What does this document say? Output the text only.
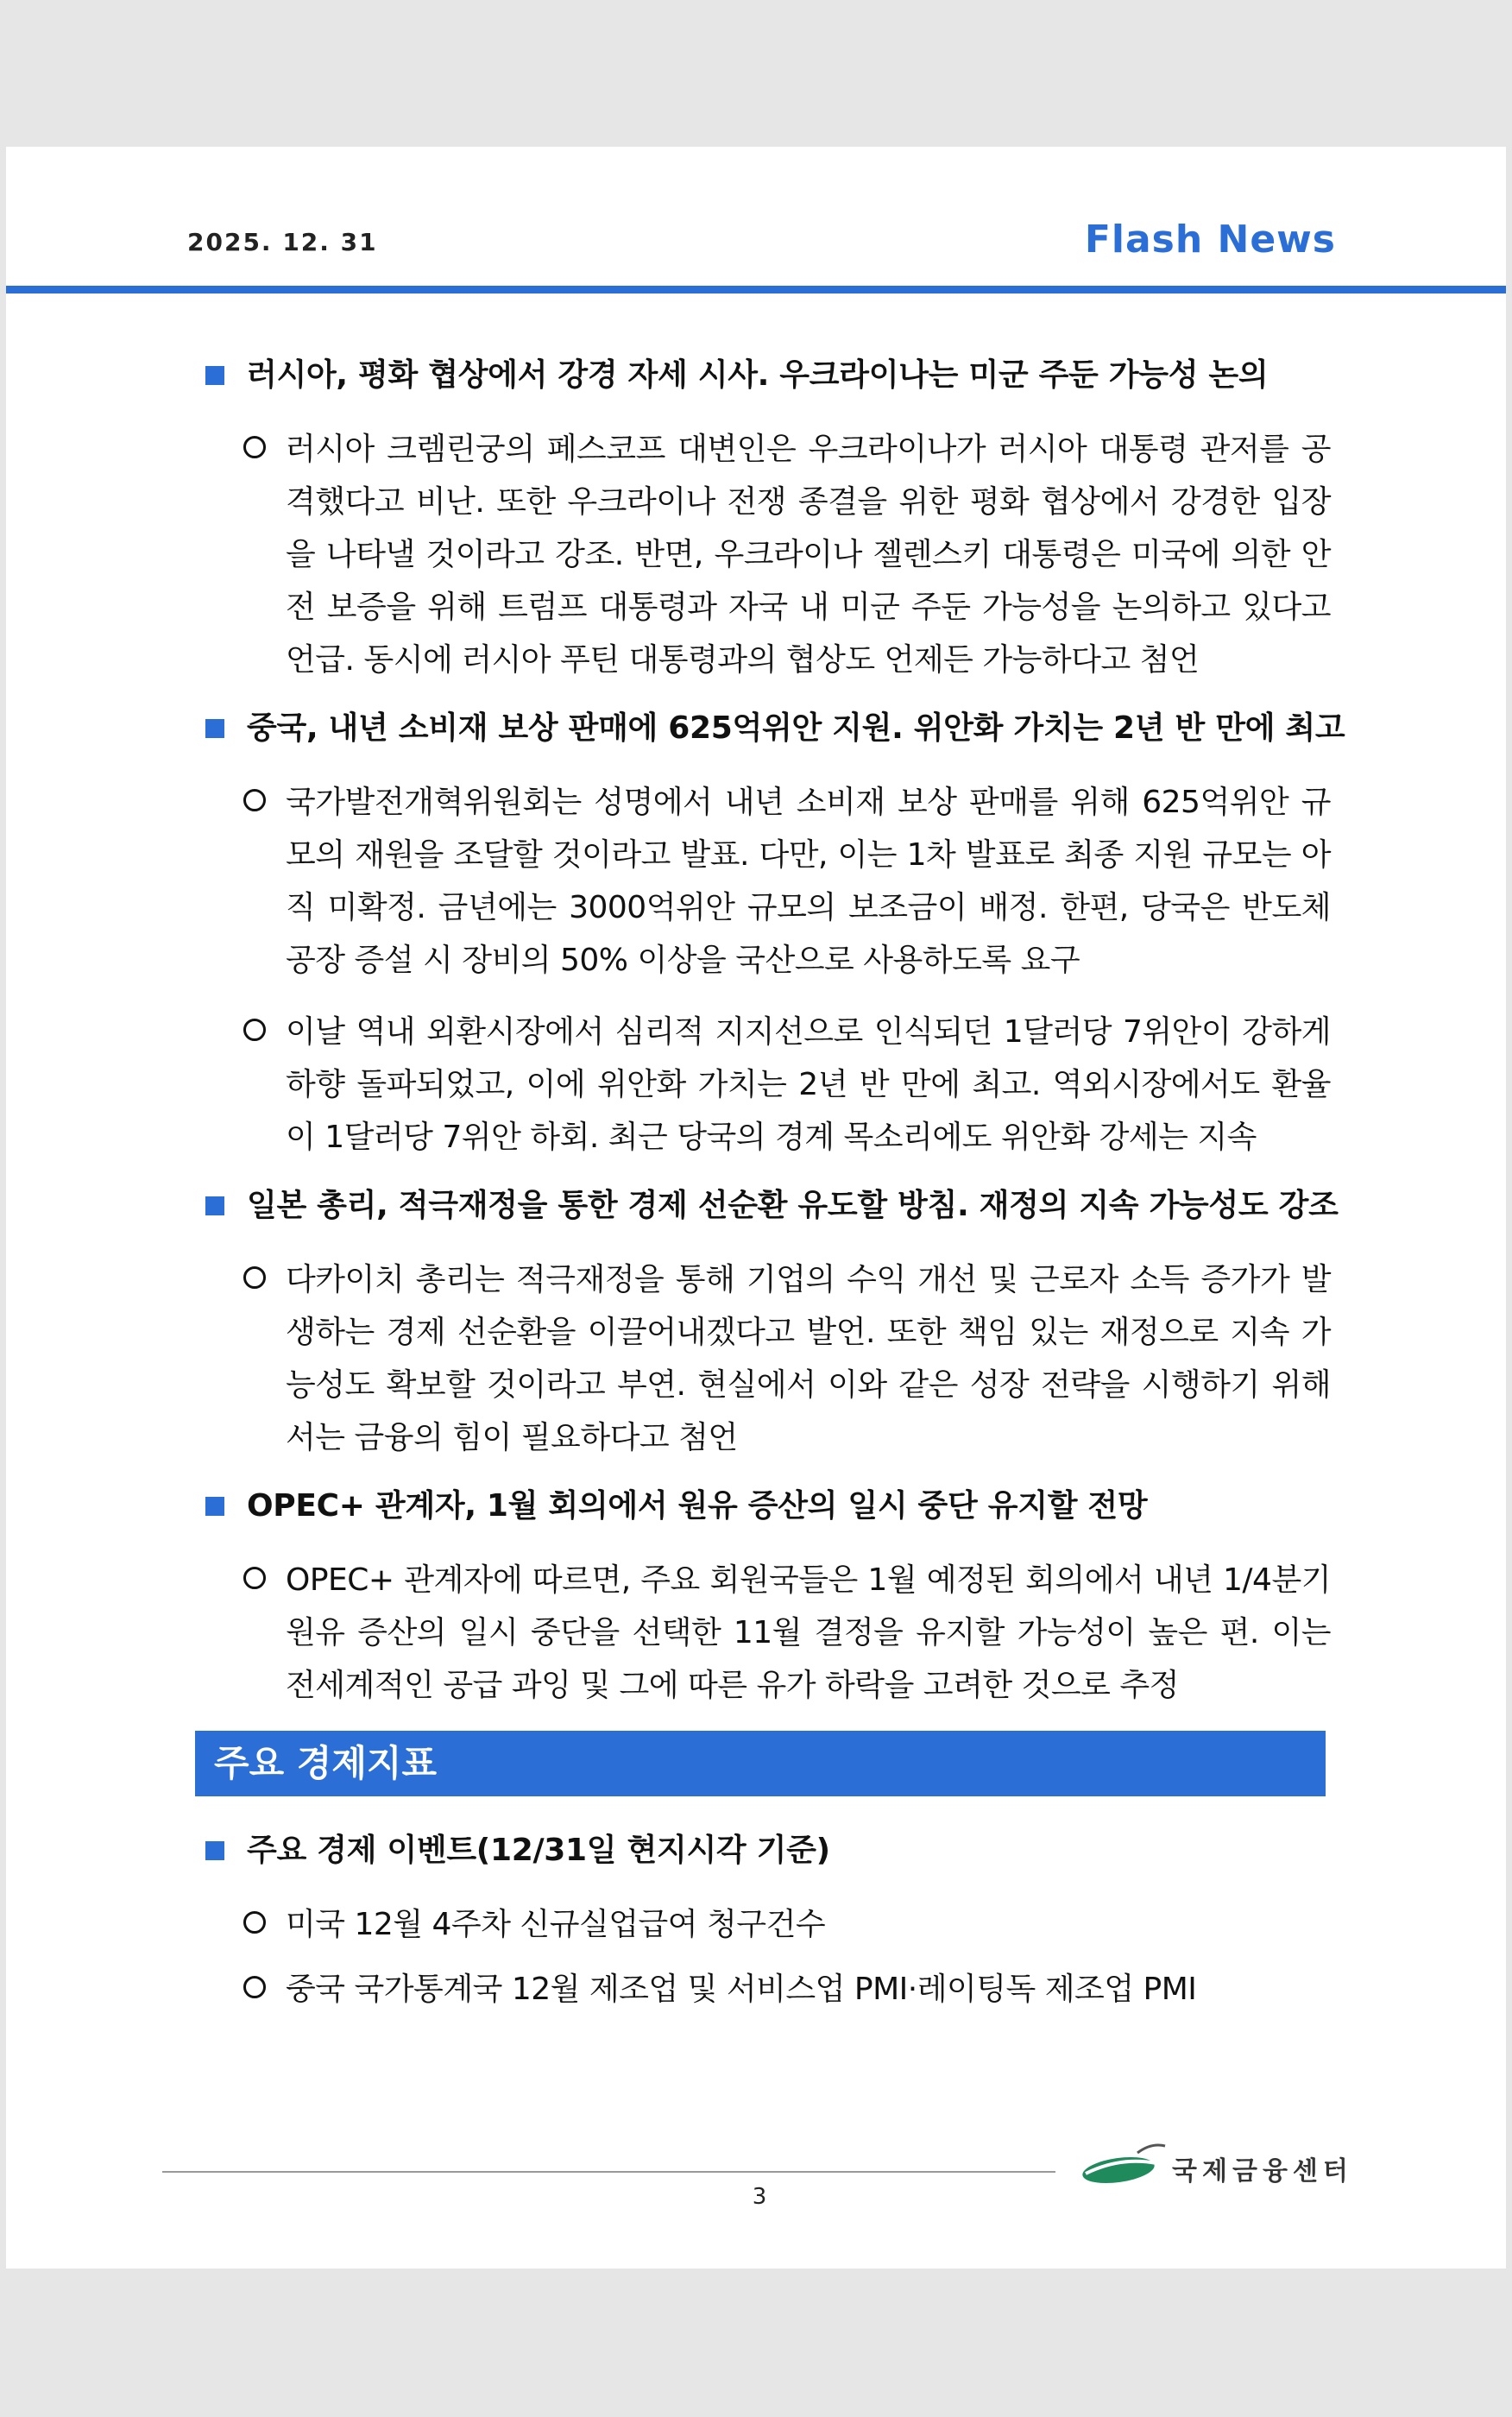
2025. 12. 31	Flash News
러시아, 평화 협상에서 강경 자세 시사. 우크라이나는 미군 주둔 가능성 논의
러시아 크렘린궁의 페스코프 대변인은 우크라이나가 러시아 대통령 관저를 공격했다고 비난. 또한 우크라이나 전쟁 종결을 위한 평화 협상에서 강경한 입장을 나타낼 것이라고 강조. 반면, 우크라이나 젤렌스키 대통령은 미국에 의한 안전 보증을 위해 트럼프 대통령과 자국 내 미군 주둔 가능성을 논의하고 있다고 언급. 동시에 러시아 푸틴 대통령과의 협상도 언제든 가능하다고 첨언
중국, 내년 소비재 보상 판매에 625억위안 지원. 위안화 가치는 2년 반 만에 최고
국가발전개혁위원회는 성명에서 내년 소비재 보상 판매를 위해 625억위안 규모의 재원을 조달할 것이라고 발표. 다만, 이는 1차 발표로 최종 지원 규모는 아직 미확정. 금년에는 3000억위안 규모의 보조금이 배정. 한편, 당국은 반도체 공장 증설 시 장비의 50% 이상을 국산으로 사용하도록 요구
이날 역내 외환시장에서 심리적 지지선으로 인식되던 1달러당 7위안이 강하게 하향 돌파되었고, 이에 위안화 가치는 2년 반 만에 최고. 역외시장에서도 환율이 1달러당 7위안 하회. 최근 당국의 경계 목소리에도 위안화 강세는 지속
일본 총리, 적극재정을 통한 경제 선순환 유도할 방침. 재정의 지속 가능성도 강조
다카이치 총리는 적극재정을 통해 기업의 수익 개선 및 근로자 소득 증가가 발생하는 경제 선순환을 이끌어내겠다고 발언. 또한 책임 있는 재정으로 지속 가능성도 확보할 것이라고 부연. 현실에서 이와 같은 성장 전략을 시행하기 위해서는 금융의 힘이 필요하다고 첨언
OPEC+ 관계자, 1월 회의에서 원유 증산의 일시 중단 유지할 전망
OPEC+ 관계자에 따르면, 주요 회원국들은 1월 예정된 회의에서 내년 1/4분기 원유 증산의 일시 중단을 선택한 11월 결정을 유지할 가능성이 높은 편. 이는 전세계적인 공급 과잉 및 그에 따른 유가 하락을 고려한 것으로 추정
주요 경제지표
주요 경제 이벤트(12/31일 현지시각 기준)
미국 12월 4주차 신규실업급여 청구건수
중국 국가통계국 12월 제조업 및 서비스업 PMI·레이팅독 제조업 PMI
국제금융센터
3
